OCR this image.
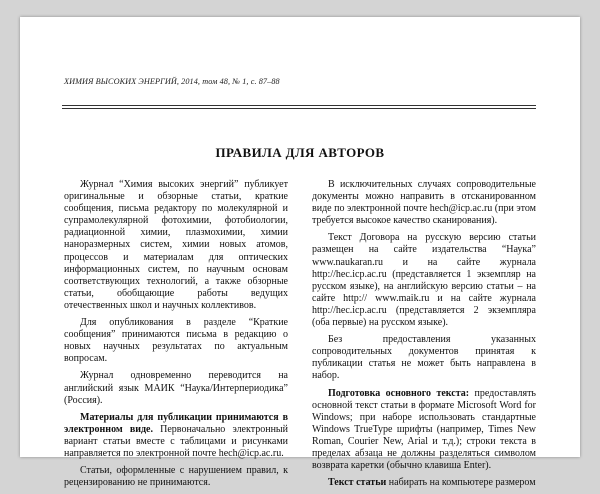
ХИМИЯ ВЫСОКИХ ЭНЕРГИЙ, 2014, том 48, № 1, с. 87–88
ПРАВИЛА ДЛЯ АВТОРОВ

Журнал “Химия высоких энергий” публикует оригинальные и обзорные статьи, краткие сообщения, письма редактору по молекулярной и супрамолекулярной фотохимии, фотобиологии, радиационной химии, плазмохимии, химии наноразмерных систем, химии новых атомов, процессов и материалам для оптических информационных систем, по научным основам соответствующих технологий, а также обзорные статьи, обобщающие работы ведущих отечественных школ и научных коллективов.

Для опубликования в разделе “Краткие сообщения” принимаются письма в редакцию о новых научных результатах по актуальным вопросам.

Журнал одновременно переводится на английский язык МАИК “Наука/Интерпериодика” (Россия).

Материалы для публикации принимаются в электронном виде. Первоначально электронный вариант статьи вместе с таблицами и рисунками направляется по электронной почте hech@icp.ac.ru.

Статьи, оформленные с нарушением правил, к рецензированию не принимаются.

В исключительных случаях сопроводительные документы можно направить в отсканированном виде по электронной почте hech@icp.ac.ru (при этом требуется высокое качество сканирования).

Текст Договора на русскую версию статьи размещен на сайте издательства “Наука” www.naukaran.ru и на сайте журнала http://hec.icp.ac.ru (представляется 1 экземпляр на русском языке), на английскую версию статьи – на сайте http:// www.maik.ru и на сайте журнала http://hec.icp.ac.ru (представляется 2 экземпляра (оба первые) на русском языке).

Без предоставления указанных сопроводительных документов принятая к публикации статья не может быть направлена в набор.

Подготовка основного текста: предоставлять основной текст статьи в формате Microsoft Word for Windows; при наборе использовать стандартные Windows TrueType шрифты (например, Times New Roman, Courier New, Arial и т.д.); строки текста в пределах абзаца не должны разделяться символом возврата каретки (обычно клавиша Enter).

Текст статьи набирать на компьютере размером
